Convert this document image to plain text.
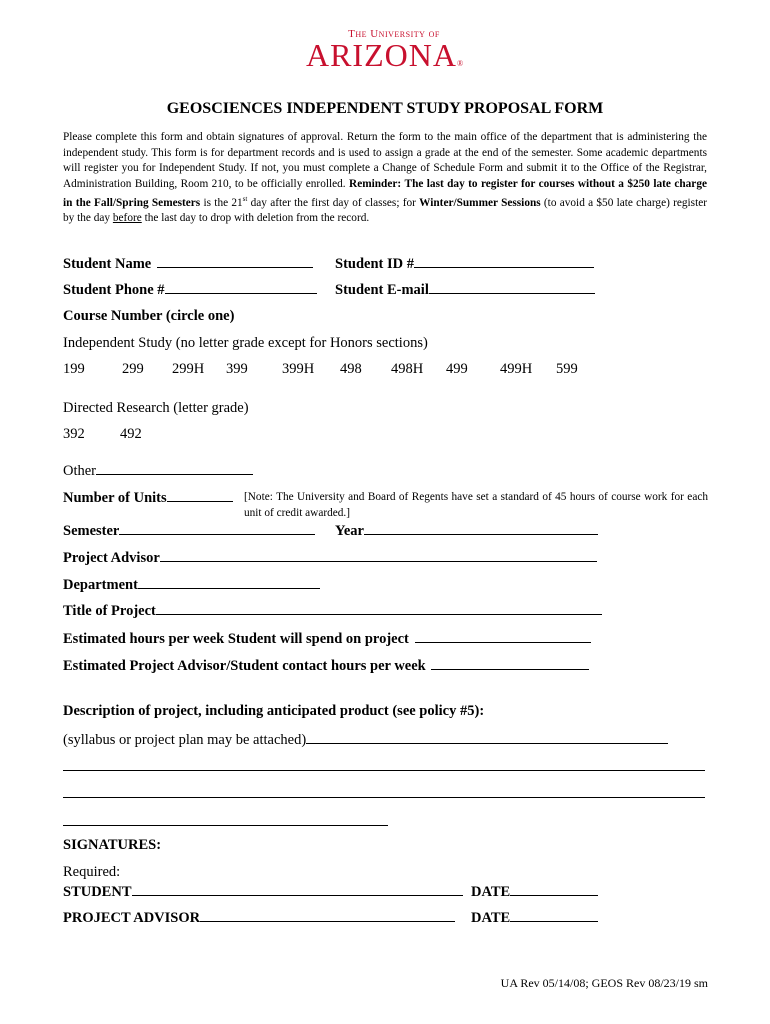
The University of
ARIZONA®
GEOSCIENCES INDEPENDENT STUDY PROPOSAL FORM
Please complete this form and obtain signatures of approval. Return the form to the main office of the department that is administering the independent study. This form is for department records and is used to assign a grade at the end of the semester. Some academic departments will register you for Independent Study. If not, you must complete a Change of Schedule Form and submit it to the Office of the Registrar, Administration Building, Room 210, to be officially enrolled. Reminder: The last day to register for courses without a $250 late charge in the Fall/Spring Semesters is the 21st day after the first day of classes; for Winter/Summer Sessions (to avoid a $50 late charge) register by the day before the last day to drop with deletion from the record.
Student Name	Student ID #
Student Phone #	Student E-mail
Course Number (circle one)
Independent Study (no letter grade except for Honors sections)
199	299 299H 399 399H 498 498H 499 499H 599
Directed Research (letter grade)
392 492
Other
Number of Units	[Note: The University and Board of Regents have set a standard of 45 hours of course work for each unit of credit awarded.]
Semester	Year
Project Advisor
Department
Title of Project
Estimated hours per week Student will spend on project
Estimated Project Advisor/Student contact hours per week
Description of project, including anticipated product (see policy #5):
(syllabus or project plan may be attached)
SIGNATURES:
Required:
STUDENT	DATE
PROJECT ADVISOR	DATE
UA Rev 05/14/08; GEOS Rev 08/23/19 sm
